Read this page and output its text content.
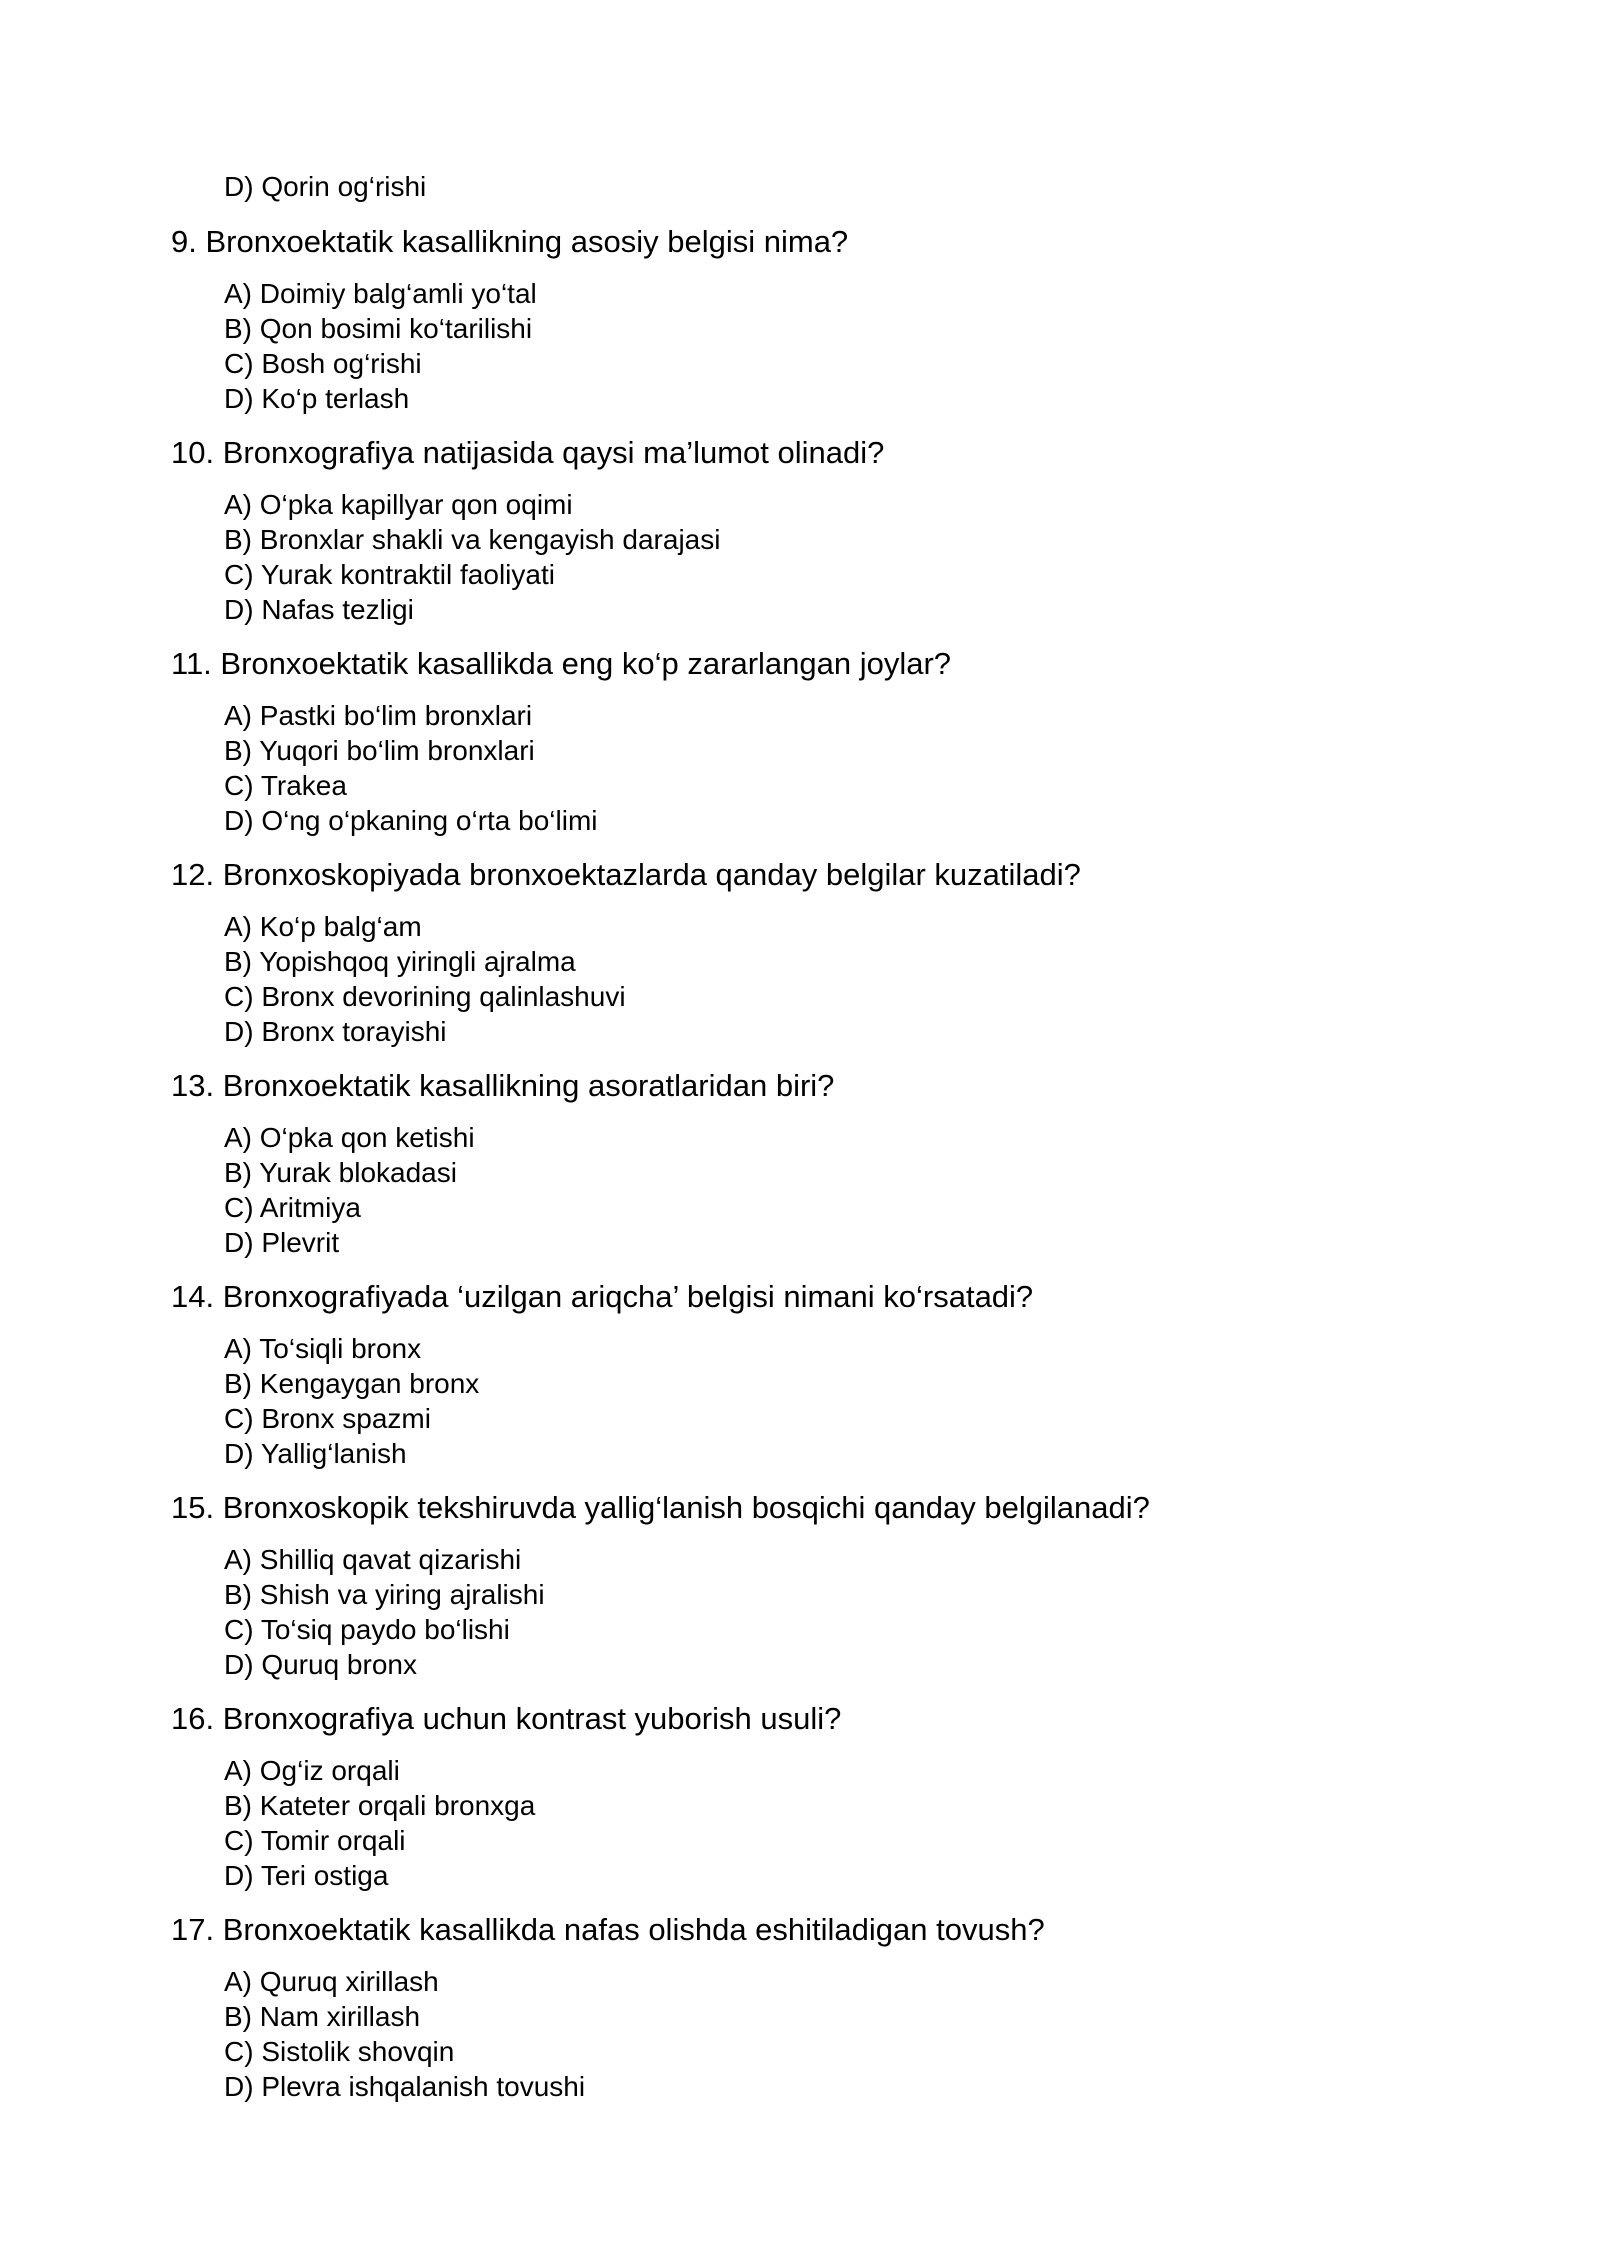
D) Qorin og‘rishi
9. Bronxoektatik kasallikning asosiy belgisi nima?
A) Doimiy balg‘amli yo‘tal
B) Qon bosimi ko‘tarilishi
C) Bosh og‘rishi
D) Ko‘p terlash
10. Bronxografiya natijasida qaysi ma’lumot olinadi?
A) O‘pka kapillyar qon oqimi
B) Bronxlar shakli va kengayish darajasi
C) Yurak kontraktil faoliyati
D) Nafas tezligi
11. Bronxoektatik kasallikda eng ko‘p zararlangan joylar?
A) Pastki bo‘lim bronxlari
B) Yuqori bo‘lim bronxlari
C) Trakea
D) O‘ng o‘pkaning o‘rta bo‘limi
12. Bronxoskopiyada bronxoektazlarda qanday belgilar kuzatiladi?
A) Ko‘p balg‘am
B) Yopishqoq yiringli ajralma
C) Bronx devorining qalinlashuvi
D) Bronx torayishi
13. Bronxoektatik kasallikning asoratlaridan biri?
A) O‘pka qon ketishi
B) Yurak blokadasi
C) Aritmiya
D) Plevrit
14. Bronxografiyada ‘uzilgan ariqcha’ belgisi nimani ko‘rsatadi?
A) To‘siqli bronx
B) Kengaygan bronx
C) Bronx spazmi
D) Yallig‘lanish
15. Bronxoskopik tekshiruvda yallig‘lanish bosqichi qanday belgilanadi?
A) Shilliq qavat qizarishi
B) Shish va yiring ajralishi
C) To‘siq paydo bo‘lishi
D) Quruq bronx
16. Bronxografiya uchun kontrast yuborish usuli?
A) Og‘iz orqali
B) Kateter orqali bronxga
C) Tomir orqali
D) Teri ostiga
17. Bronxoektatik kasallikda nafas olishda eshitiladigan tovush?
A) Quruq xirillash
B) Nam xirillash
C) Sistolik shovqin
D) Plevra ishqalanish tovushi
